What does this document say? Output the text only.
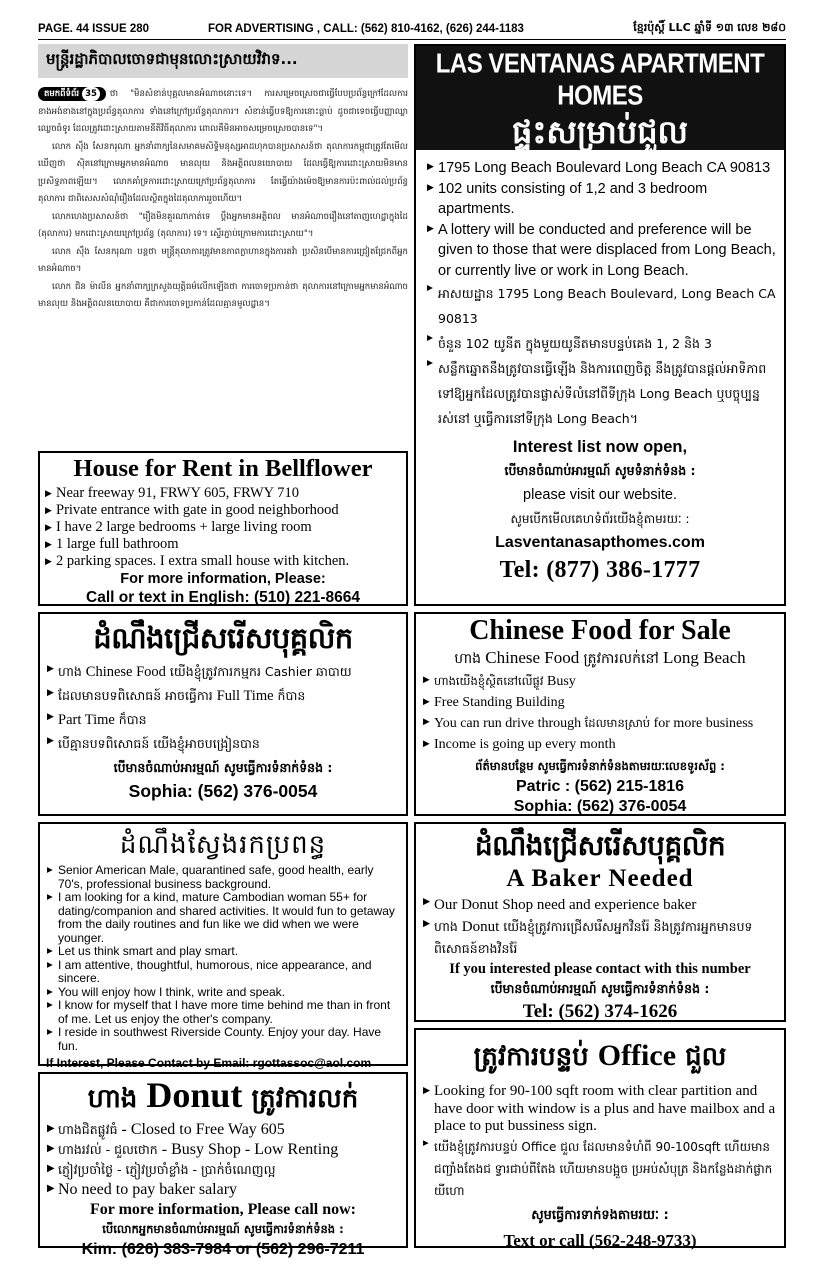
PAGE. 44 ISSUE 280	FOR ADVERTISING , CALL: (562) 810-4162, (626) 244-1183	ខ្មែរប៉ុស្តិ៍ LLC ឆ្នាំទី ១៣ លេខ ២៨០
មន្ត្រីរដ្ឋាភិបាលចោទជាមុនលោះស្រាយវិវាទ...

តមកពីទំព័រ 35 ថា "មិនសំខាន់បុគ្គលមានអំណាចនោះទេ។ ការសម្រេចស្រេចជាធ្វើបែបប្រព័ន្ធក្រៅដែលការខាងអង់ខាងនៅក្នុងប្រព័ន្ធតុលាការ ទាំងនៅក្រៅប្រព័ន្ធតុលាការ។ សំខាន់ធ្វើបទឱ្យការនោះធ្លាប់ ដូចជាទេចធ្វើបញ្ញាឈ្លាឈ្លេចធំទូរ ដែលត្រូវដោះស្រាយតាមនីតិវិធីតុលាការ ពោលគឺមិនអាចសម្រេចស្រេចបានទេ"។

លោក ស៊ឹង សែនករុណា អ្នកនាំពាក្យនៃសមាគមសិទ្ធិមនុស្សអាដហុកបានប្រសាសន៍ថា តុលាការកម្ពុជាត្រូវតែមើលឃើញថា ស៊ិតនៅក្រោមអ្នកមានអំណាច មានលុយ និងអត្ថិពលនយោបាយ ដែលធ្វើឱ្យការដោះស្រាយមិនមានប្រសិទ្ធភាពឡើយ។ លោកគាំទ្រការដោះស្រាយក្រៅប្រព័ន្ធតុលាការ តែធ្វើយ៉ាងម៉េចឱ្យមានការប៉ះពាល់ដល់ប្រព័ន្ធតុលាការ ជាពិសេសសំណុំរឿងដែលស្ថិតក្នុងដៃតុលាការរួចហើយ។

លោកហេងប្រសាសន៍ថា "រឿងមិនគួរណាកាត់ទេ ប្ដឹងអ្នកមានអត្ថិពល មានអំណាចរឿងនៅតាញហេដ្ឋាក្នុងដៃ (តុលាការ) មកដោះស្រាយក្រៅប្រព័ន្ធ (តុលាការ) ទេ។ ស្ទើរភ្ជាប់ក្រោមការដោះស្រាយ"។

លោក ស៊ឹង សែនករុណា បន្តថា មន្ត្រីតុលាការត្រូវមានភាពក្លាហានក្នុងការតវ៉ា ប្រសិនបើមានការជ្រៀតជ្រែកពីអ្នកមានអំណាច។

លោក ជិន ម៉ាលីន អ្នកនាំពាក្យក្រសួងយុត្តិធម៌លើកឡើងថា ការចោទប្រកាន់ថា តុលាការនៅក្រោមអ្នកមានអំណាច មានលុយ និងអត្ថិពលនយោបាយ គឺជាការចោទប្រកាន់ដែលគ្មានមូលដ្ឋាន។

LAS VENTANAS APARTMENT HOMES
ផ្ទះសម្រាប់ជួល
▶ 1795 Long Beach Boulevard Long Beach CA 90813
▶ 102 units consisting of 1,2 and 3 bedroom apartments.
▶ A lottery will be conducted and preference will be given to those that were displaced from Long Beach, or currently live or work in Long Beach.
▶ អាសយដ្ឋាន 1795 Long Beach Boulevard, Long Beach CA 90813
▶ ចំនួន 102 យូនីត ក្នុងមួយយូនីតមានបន្ទប់គេង 1, 2 និង 3
▶ សន្លឹកឆ្នោតនឹងត្រូវបានធ្វើឡើង និងការពេញចិត្ត នឹងត្រូវបានផ្តល់អាទិភាពទៅឱ្យអ្នកដែលត្រូវបានផ្លាស់ទីលំនៅពីទីក្រុង Long Beach ឬបច្ចុប្បន្នរស់នៅ ឬធ្វើការនៅទីក្រុង Long Beach។
Interest list now open,
បើមានចំណាប់អារម្មណ៍ សូមទំនាក់ទំនង :
please visit our website.
សូមបើកមើលគេហទំព័រយើងខ្ញុំតាមរយៈ :
Lasventanasapthomes.com
Tel: (877) 386-1777
House for Rent in Bellflower
▶ Near freeway 91, FRWY 605, FRWY 710
▶ Private entrance with gate in good neighborhood
▶ I have 2 large bedrooms + large living room
▶ 1 large full bathroom
▶ 2 parking spaces. I extra small house with kitchen.
For more information, Please:
Call or text in English: (510) 221-8664
ដំណឹងជ្រើសរើសបុគ្គលិក
▶ ហាង Chinese Food យើងខ្ញុំត្រូវការកម្មករ Cashier ឆាបាយ
▶ ដែលមានបទពិសោធន៍ អាចធ្វើការ Full Time ក៏បាន
▶ Part Time ក៏បាន
▶ បើគ្មានបទពិសោធន៍ យើងខ្ញុំអាចបង្រៀនបាន
បើមានចំណាប់អារម្មណ៍ សូមធ្វើការទំនាក់ទំនង :
Sophia: (562) 376-0054
Chinese Food for Sale
ហាង Chinese Food ត្រូវការលក់នៅ Long Beach
▶ ហាងយើងខ្ញុំស្ថិតនៅលើផ្លូវ Busy
▶ Free Standing Building
▶ You can run drive through ដែលមានស្រាប់ for more business
▶ Income is going up every month
ព័ត៌មានបន្ថែម សូមធ្វើការទំនាក់ទំនងតាមរយៈលេខទូរស័ព្ទ :
Patric : (562) 215-1816
Sophia: (562) 376-0054
ដំណឹងស្វែងរកប្រពន្ធ
▶ Senior American Male, quarantined safe, good health, early 70's, professional business background.
▶ I am looking for a kind, mature Cambodian woman 55+ for dating/companion and shared activities. It would fun to getaway from the daily routines and fun like we did when we were younger.
▶ Let us think smart and play smart.
▶ I am attentive, thoughtful, humorous, nice appearance, and sincere.
▶ You will enjoy how I think, write and speak.
▶ I know for myself that I have more time behind me than in front of me. Let us enjoy the other's company.
▶ I reside in southwest Riverside County. Enjoy your day. Have fun.
If Interest, Please Contact by Email: rgottassoc@aol.com
ដំណឹងជ្រើសរើសបុគ្គលិក
A Baker Needed
▶ Our Donut Shop need and experience baker
▶ ហាង Donut យើងខ្ញុំត្រូវការជ្រើសរើសអ្នកវិនរ៉ែ និងត្រូវការអ្នកមានបទពិសោធន៍ខាងវិនរ៉ែ
If you interested please contact with this number
បើមានចំណាប់អារម្មណ៍ សូមធ្វើការទំនាក់ទំនង :
Tel: (562) 374-1626
ហាង Donut ត្រូវការលក់
▶ ហាងជិតផ្លូវធំ - Closed to Free Way 605
▶ ហាងរវល់ - ជួលថោក - Busy Shop - Low Renting
▶ ភ្ញៀវប្រចាំថ្ងៃ - ភ្ញៀវប្រចាំខ្លាំង - ប្រាក់ចំណេញល្អ
▶ No need to pay baker salary
For more information, Please call now:
បើលោកអ្នកមានចំណាប់អារម្មណ៍ សូមធ្វើការទំនាក់ទំនង :
Kim: (626) 383-7984 or (562) 296-7211
ត្រូវការបន្ទប់ Office ជួល
▶ Looking for 90-100 sqft room with clear partition and have door with window is a plus and have mailbox and a place to put bussiness sign.
▶ យើងខ្ញុំត្រូវការបន្ទប់ Office ជួល ដែលមានទំហំពី 90-100sqft ហើយមានជញ្ជាំងតែងជ ទ្វារជាប់ពីតែង ហើយមានបង្អួច ប្រអប់សំបុត្រ និងកន្លែងដាក់ផ្លាកយីហោ
សូមធ្វើការទាក់ទងតាមរយៈ :
Text or call (562-248-9733)
